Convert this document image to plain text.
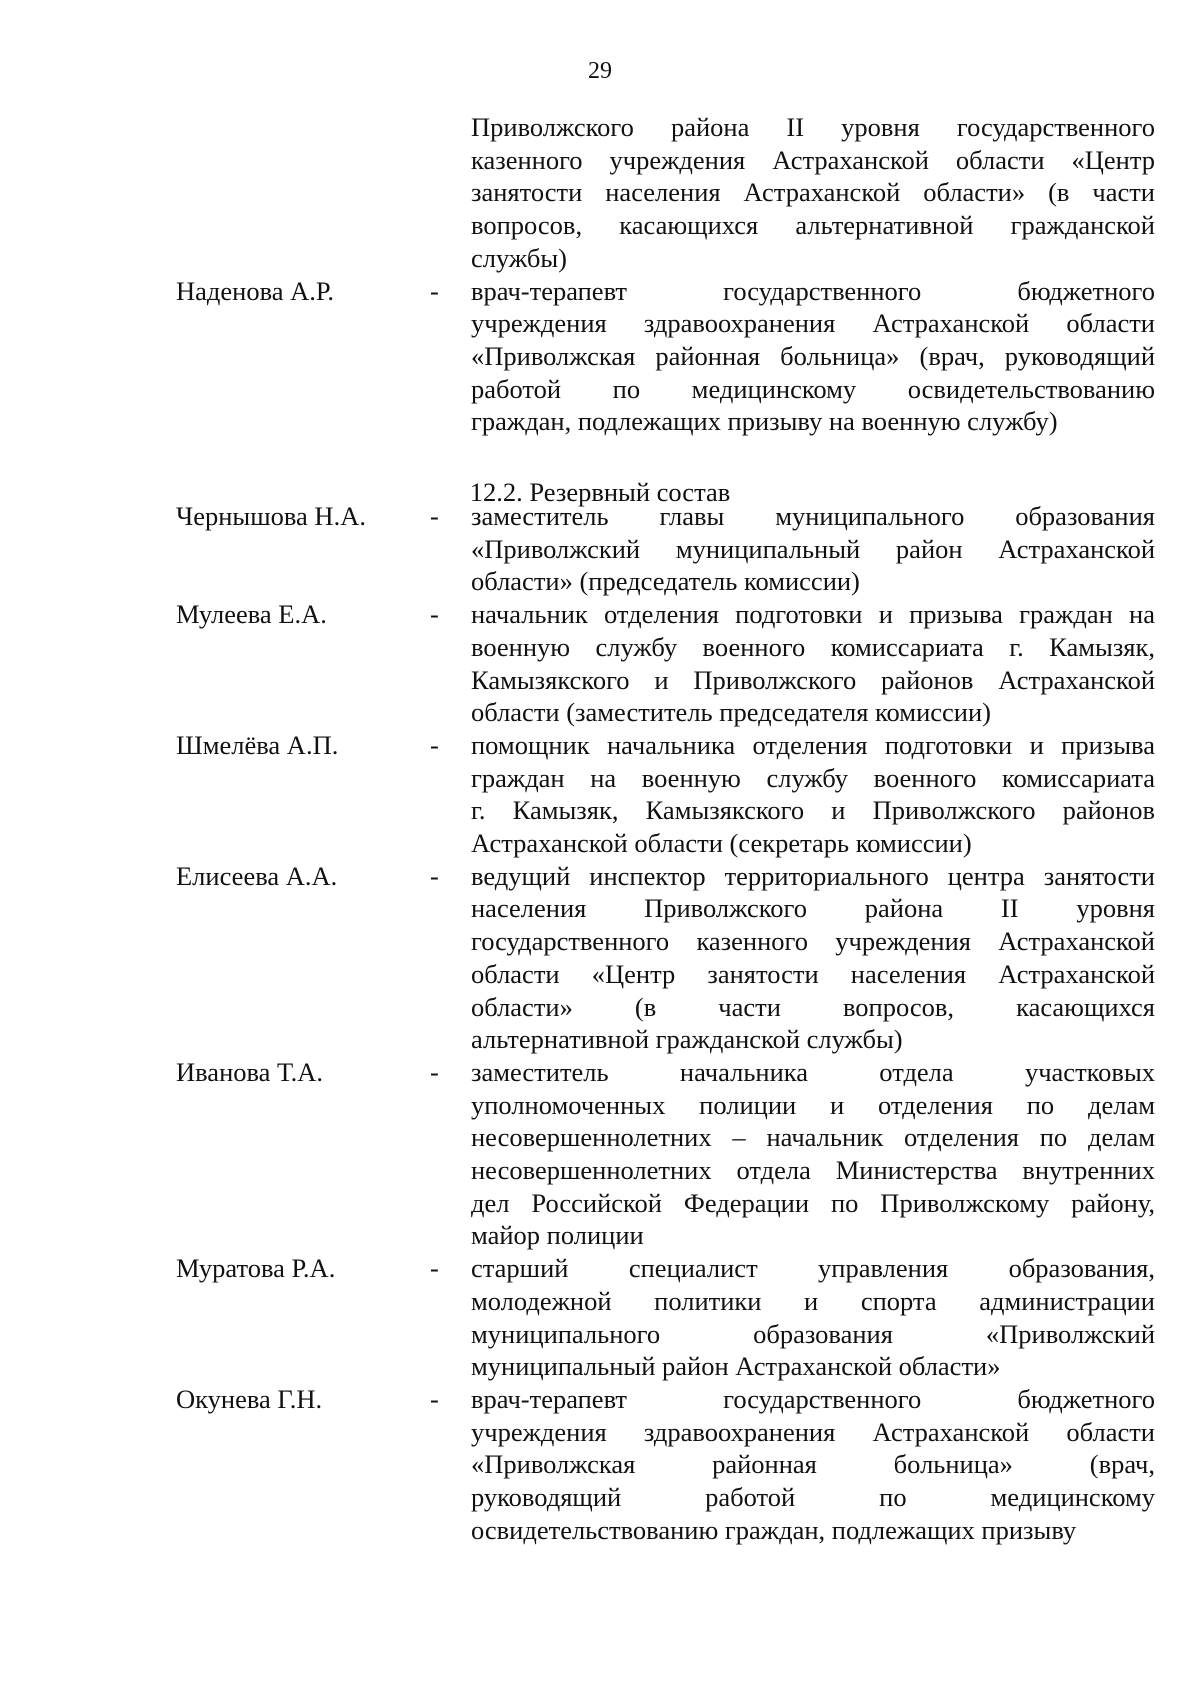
29
Приволжского района II уровня государственного
казенного учреждения Астраханской области «Центр
занятости населения Астраханской области» (в части
вопросов, касающихся альтернативной гражданской
службы)
Наденова А.Р.	- врач-терапевт государственного бюджетного
учреждения здравоохранения Астраханской области
«Приволжская районная больница» (врач, руководящий
работой по медицинскому освидетельствованию
граждан, подлежащих призыву на военную службу)
12.2. Резервный состав
Чернышова Н.А. - заместитель главы муниципального образования
«Приволжский муниципальный район Астраханской
области» (председатель комиссии)
Мулеева Е.А.	- начальник отделения подготовки и призыва граждан на
военную службу военного комиссариата г. Камызяк,
Камызякского и Приволжского районов Астраханской
области (заместитель председателя комиссии)
Шмелёва А.П.	- помощник начальника отделения подготовки и призыва
граждан на военную службу военного комиссариата
г. Камызяк, Камызякского и Приволжского районов
Астраханской области (секретарь комиссии)
Елисеева А.А.	- ведущий инспектор территориального центра занятости
населения Приволжского района II уровня
государственного казенного учреждения Астраханской
области «Центр занятости населения Астраханской
области» (в части вопросов, касающихся
альтернативной гражданской службы)
Иванова Т.А.	- заместитель начальника отдела участковых
уполномоченных полиции и отделения по делам
несовершеннолетних – начальник отделения по делам
несовершеннолетних отдела Министерства внутренних
дел Российской Федерации по Приволжскому району,
майор полиции
Муратова Р.А.	- старший специалист управления образования,
молодежной политики и спорта администрации
муниципального образования «Приволжский
муниципальный район Астраханской области»
Окунева Г.Н.	- врач-терапевт государственного бюджетного
учреждения здравоохранения Астраханской области
«Приволжская районная больница» (врач,
руководящий работой по медицинскому
освидетельствованию граждан, подлежащих призыву
